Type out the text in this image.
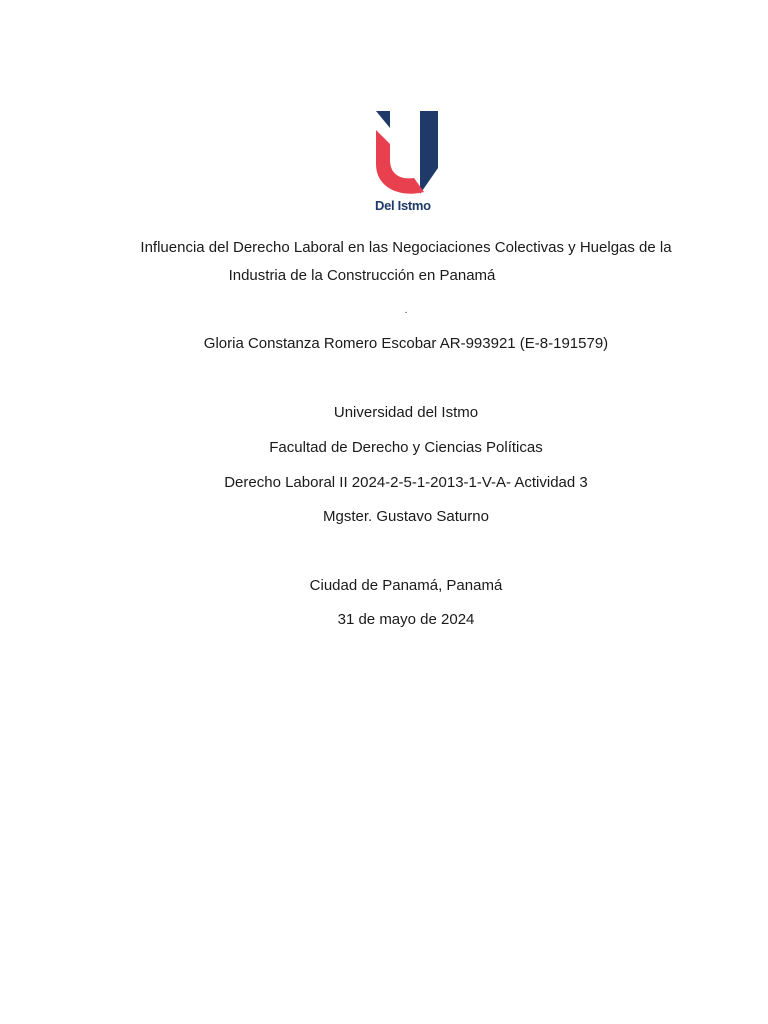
Del Istmo
Influencia del Derecho Laboral en las Negociaciones Colectivas y Huelgas de la
Industria de la Construcción en Panamá
.
Gloria Constanza Romero Escobar AR-993921 (E-8-191579)
Universidad del Istmo
Facultad de Derecho y Ciencias Políticas
Derecho Laboral II 2024-2-5-1-2013-1-V-A- Actividad 3
Mgster. Gustavo Saturno
Ciudad de Panamá, Panamá
31 de mayo de 2024
